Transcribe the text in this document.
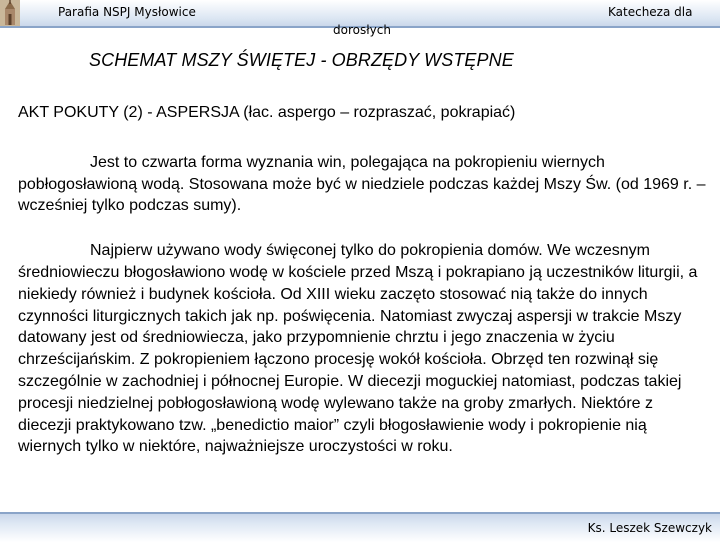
Parafia NSPJ Mysłowice	Katecheza dla
dorosłych
SCHEMAT MSZY ŚWIĘTEJ - OBRZĘDY WSTĘPNE

AKT POKUTY (2) - ASPERSJA (łac. aspergo – rozpraszać, pokrapiać)

Jest to czwarta forma wyznania win, polegająca na pokropieniu wiernych pobłogosławioną wodą. Stosowana może być w niedziele podczas każdej Mszy Św. (od 1969 r. – wcześniej tylko podczas sumy).

Najpierw używano wody święconej tylko do pokropienia domów. We wczesnym średniowieczu błogosławiono wodę w kościele przed Mszą i pokrapiano ją uczestników liturgii, a niekiedy również i budynek kościoła. Od XIII wieku zaczęto stosować nią także do innych czynności liturgicznych takich jak np. poświęcenia. Natomiast zwyczaj aspersji w trakcie Mszy datowany jest od średniowiecza, jako przypomnienie chrztu i jego znaczenia w życiu chrześcijańskim. Z pokropieniem łączono procesję wokół kościoła. Obrzęd ten rozwinął się szczególnie w zachodniej i północnej Europie. W diecezji moguckiej natomiast, podczas takiej procesji niedzielnej pobłogosławioną wodę wylewano także na groby zmarłych. Niektóre z diecezji praktykowano tzw. „benedictio maior” czyli błogosławienie wody i pokropienie nią wiernych tylko w niektóre, najważniejsze uroczystości w roku.

Ks. Leszek Szewczyk
